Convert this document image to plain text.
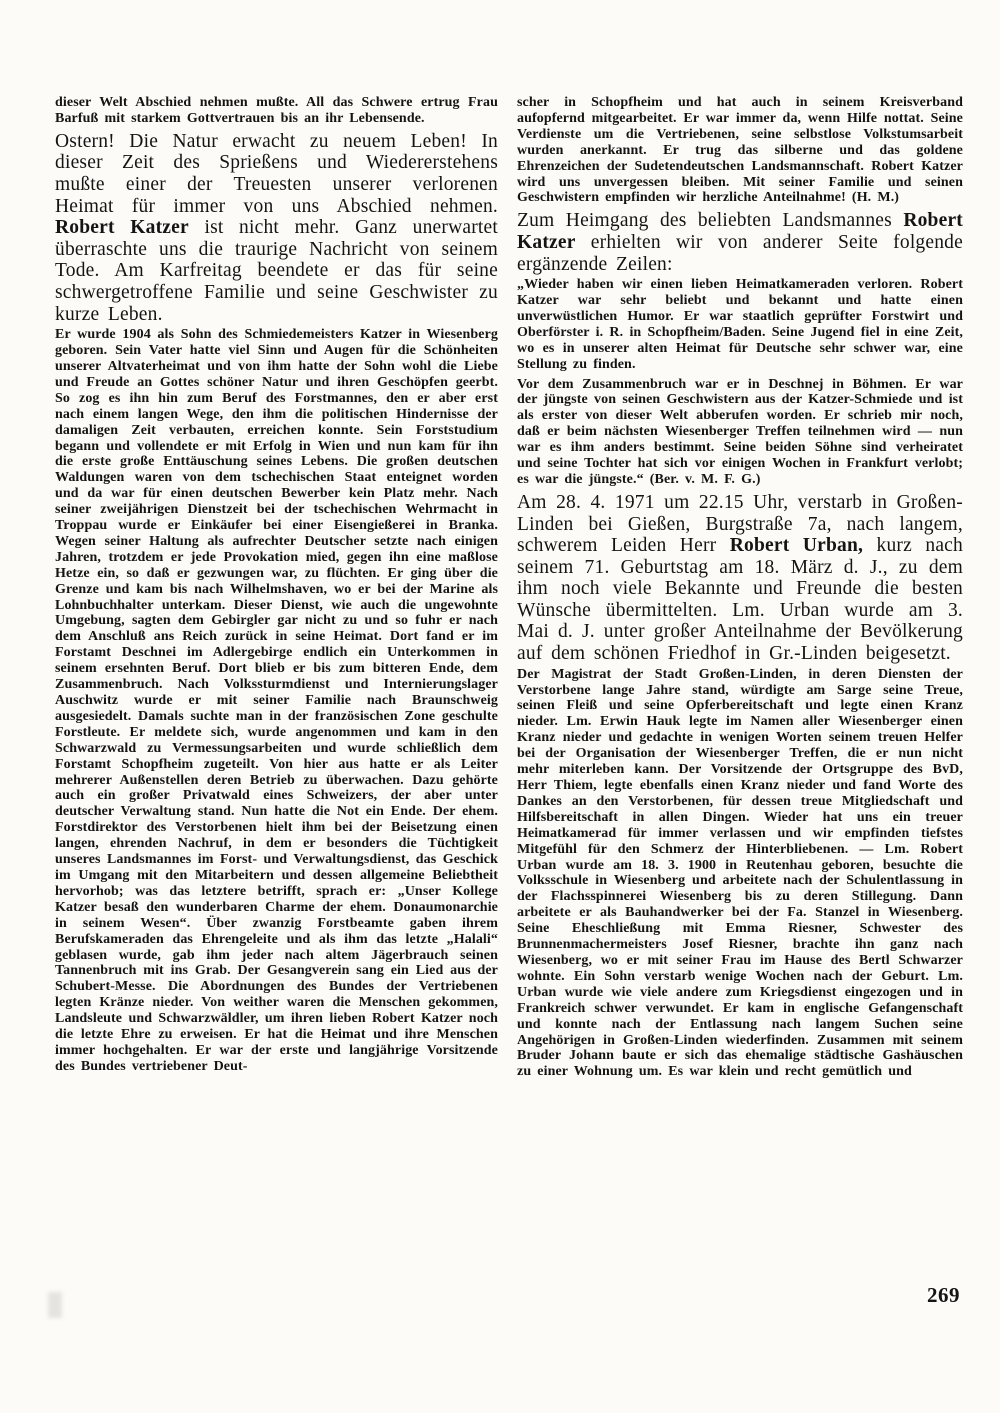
dieser Welt Abschied nehmen mußte. All das Schwere ertrug Frau Barfuß mit starkem Gottvertrauen bis an ihr Lebensende.

Ostern! Die Natur erwacht zu neuem Leben! In dieser Zeit des Sprießens und Wiedererstehens mußte einer der Treuesten unserer verlorenen Heimat für immer von uns Abschied nehmen. Robert Katzer ist nicht mehr. Ganz unerwartet überraschte uns die traurige Nachricht von seinem Tode. Am Karfreitag beendete er das für seine schwergetroffene Familie und seine Geschwister zu kurze Leben.

Er wurde 1904 als Sohn des Schmiedemeisters Katzer in Wiesenberg geboren. Sein Vater hatte viel Sinn und Augen für die Schönheiten unserer Altvaterheimat und von ihm hatte der Sohn wohl die Liebe und Freude an Gottes schöner Natur und ihren Geschöpfen geerbt. So zog es ihn hin zum Beruf des Forstmannes, den er aber erst nach einem langen Wege, den ihm die politischen Hindernisse der damaligen Zeit verbauten, erreichen konnte. Sein Forststudium begann und vollendete er mit Erfolg in Wien und nun kam für ihn die erste große Enttäuschung seines Lebens. Die großen deutschen Waldungen waren von dem tschechischen Staat enteignet worden und da war für einen deutschen Bewerber kein Platz mehr. Nach seiner zweijährigen Dienstzeit bei der tschechischen Wehrmacht in Troppau wurde er Einkäufer bei einer Eisengießerei in Branka. Wegen seiner Haltung als aufrechter Deutscher setzte nach einigen Jahren, trotzdem er jede Provokation mied, gegen ihn eine maßlose Hetze ein, so daß er gezwungen war, zu flüchten. Er ging über die Grenze und kam bis nach Wilhelmshaven, wo er bei der Marine als Lohnbuchhalter unterkam. Dieser Dienst, wie auch die ungewohnte Umgebung, sagten dem Gebirgler gar nicht zu und so fuhr er nach dem Anschluß ans Reich zurück in seine Heimat. Dort fand er im Forstamt Deschnei im Adlergebirge endlich ein Unterkommen in seinem ersehnten Beruf. Dort blieb er bis zum bitteren Ende, dem Zusammenbruch. Nach Volkssturmdienst und Internierungslager Auschwitz wurde er mit seiner Familie nach Braunschweig ausgesiedelt. Damals suchte man in der französischen Zone geschulte Forstleute. Er meldete sich, wurde angenommen und kam in den Schwarzwald zu Vermessungsarbeiten und wurde schließlich dem Forstamt Schopfheim zugeteilt. Von hier aus hatte er als Leiter mehrerer Außenstellen deren Betrieb zu überwachen. Dazu gehörte auch ein großer Privatwald eines Schweizers, der aber unter deutscher Verwaltung stand. Nun hatte die Not ein Ende. Der ehem. Forstdirektor des Verstorbenen hielt ihm bei der Beisetzung einen langen, ehrenden Nachruf, in dem er besonders die Tüchtigkeit unseres Landsmannes im Forst- und Verwaltungsdienst, das Geschick im Umgang mit den Mitarbeitern und dessen allgemeine Beliebtheit hervorhob; was das letztere betrifft, sprach er: „Unser Kollege Katzer besaß den wunderbaren Charme der ehem. Donaumonarchie in seinem Wesen“. Über zwanzig Forstbeamte gaben ihrem Berufskameraden das Ehrengeleite und als ihm das letzte „Halali“ geblasen wurde, gab ihm jeder nach altem Jägerbrauch seinen Tannenbruch mit ins Grab. Der Gesangverein sang ein Lied aus der Schubert-Messe. Die Abordnungen des Bundes der Vertriebenen legten Kränze nieder. Von weither waren die Menschen gekommen, Landsleute und Schwarzwäldler, um ihren lieben Robert Katzer noch die letzte Ehre zu erweisen. Er hat die Heimat und ihre Menschen immer hochgehalten. Er war der erste und langjährige Vorsitzende des Bundes vertriebener Deut-

scher in Schopfheim und hat auch in seinem Kreisverband aufopfernd mitgearbeitet. Er war immer da, wenn Hilfe nottat. Seine Verdienste um die Vertriebenen, seine selbstlose Volkstumsarbeit wurden anerkannt. Er trug das silberne und das goldene Ehrenzeichen der Sudetendeutschen Landsmannschaft. Robert Katzer wird uns unvergessen bleiben. Mit seiner Familie und seinen Geschwistern empfinden wir herzliche Anteilnahme! (H. M.)

Zum Heimgang des beliebten Landsmannes Robert Katzer erhielten wir von anderer Seite folgende ergänzende Zeilen:

„Wieder haben wir einen lieben Heimatkameraden verloren. Robert Katzer war sehr beliebt und bekannt und hatte einen unverwüstlichen Humor. Er war staatlich geprüfter Forstwirt und Oberförster i. R. in Schopfheim/Baden. Seine Jugend fiel in eine Zeit, wo es in unserer alten Heimat für Deutsche sehr schwer war, eine Stellung zu finden.

Vor dem Zusammenbruch war er in Deschnej in Böhmen. Er war der jüngste von seinen Geschwistern aus der Katzer-Schmiede und ist als erster von dieser Welt abberufen worden. Er schrieb mir noch, daß er beim nächsten Wiesenberger Treffen teilnehmen wird — nun war es ihm anders bestimmt. Seine beiden Söhne sind verheiratet und seine Tochter hat sich vor einigen Wochen in Frankfurt verlobt; es war die jüngste.“ (Ber. v. M. F. G.)

Am 28. 4. 1971 um 22.15 Uhr, verstarb in Großen-Linden bei Gießen, Burgstraße 7a, nach langem, schwerem Leiden Herr Robert Urban, kurz nach seinem 71. Geburtstag am 18. März d. J., zu dem ihm noch viele Bekannte und Freunde die besten Wünsche übermittelten. Lm. Urban wurde am 3. Mai d. J. unter großer Anteilnahme der Bevölkerung auf dem schönen Friedhof in Gr.-Linden beigesetzt.

Der Magistrat der Stadt Großen-Linden, in deren Diensten der Verstorbene lange Jahre stand, würdigte am Sarge seine Treue, seinen Fleiß und seine Opferbereitschaft und legte einen Kranz nieder. Lm. Erwin Hauk legte im Namen aller Wiesenberger einen Kranz nieder und gedachte in wenigen Worten seinem treuen Helfer bei der Organisation der Wiesenberger Treffen, die er nun nicht mehr miterleben kann. Der Vorsitzende der Ortsgruppe des BvD, Herr Thiem, legte ebenfalls einen Kranz nieder und fand Worte des Dankes an den Verstorbenen, für dessen treue Mitgliedschaft und Hilfsbereitschaft in allen Dingen. Wieder hat uns ein treuer Heimatkamerad für immer verlassen und wir empfinden tiefstes Mitgefühl für den Schmerz der Hinterbliebenen. — Lm. Robert Urban wurde am 18. 3. 1900 in Reutenhau geboren, besuchte die Volksschule in Wiesenberg und arbeitete nach der Schulentlassung in der Flachsspinnerei Wiesenberg bis zu deren Stillegung. Dann arbeitete er als Bauhandwerker bei der Fa. Stanzel in Wiesenberg. Seine Eheschließung mit Emma Riesner, Schwester des Brunnenmachermeisters Josef Riesner, brachte ihn ganz nach Wiesenberg, wo er mit seiner Frau im Hause des Bertl Schwarzer wohnte. Ein Sohn verstarb wenige Wochen nach der Geburt. Lm. Urban wurde wie viele andere zum Kriegsdienst eingezogen und in Frankreich schwer verwundet. Er kam in englische Gefangenschaft und konnte nach der Entlassung nach langem Suchen seine Angehörigen in Großen-Linden wiederfinden. Zusammen mit seinem Bruder Johann baute er sich das ehemalige städtische Gashäuschen zu einer Wohnung um. Es war klein und recht gemütlich und

269
